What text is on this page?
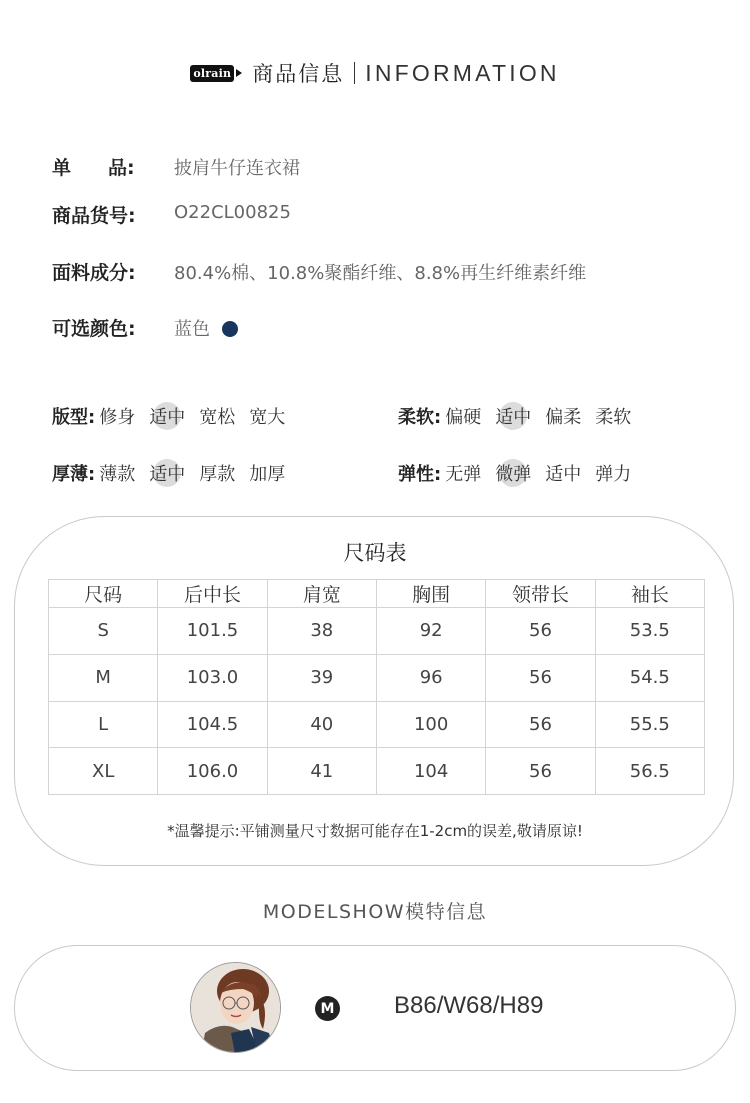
olrain 商品信息 INFORMATION
单品: 披肩牛仔连衣裙
商品货号: O22CL00825
面料成分: 80.4%棉、10.8%聚酯纤维、8.8%再生纤维素纤维
可选颜色: 蓝色
版型: 修身 适中 宽松 宽大	柔软: 偏硬 适中 偏柔 柔软
厚薄: 薄款 适中 厚款 加厚	弹性: 无弹 微弹 适中 弹力
尺码表
尺码	后中长	肩宽	胸围	领带长	袖长
S	101.5	38	92	56	53.5
M	103.0	39	96	56	54.5
L	104.5	40	100	56	55.5
XL	106.0	41	104	56	56.5
*温馨提示:平铺测量尺寸数据可能存在1-2cm的误差,敬请原谅!
MODELSHOW模特信息
M B86/W68/H89
